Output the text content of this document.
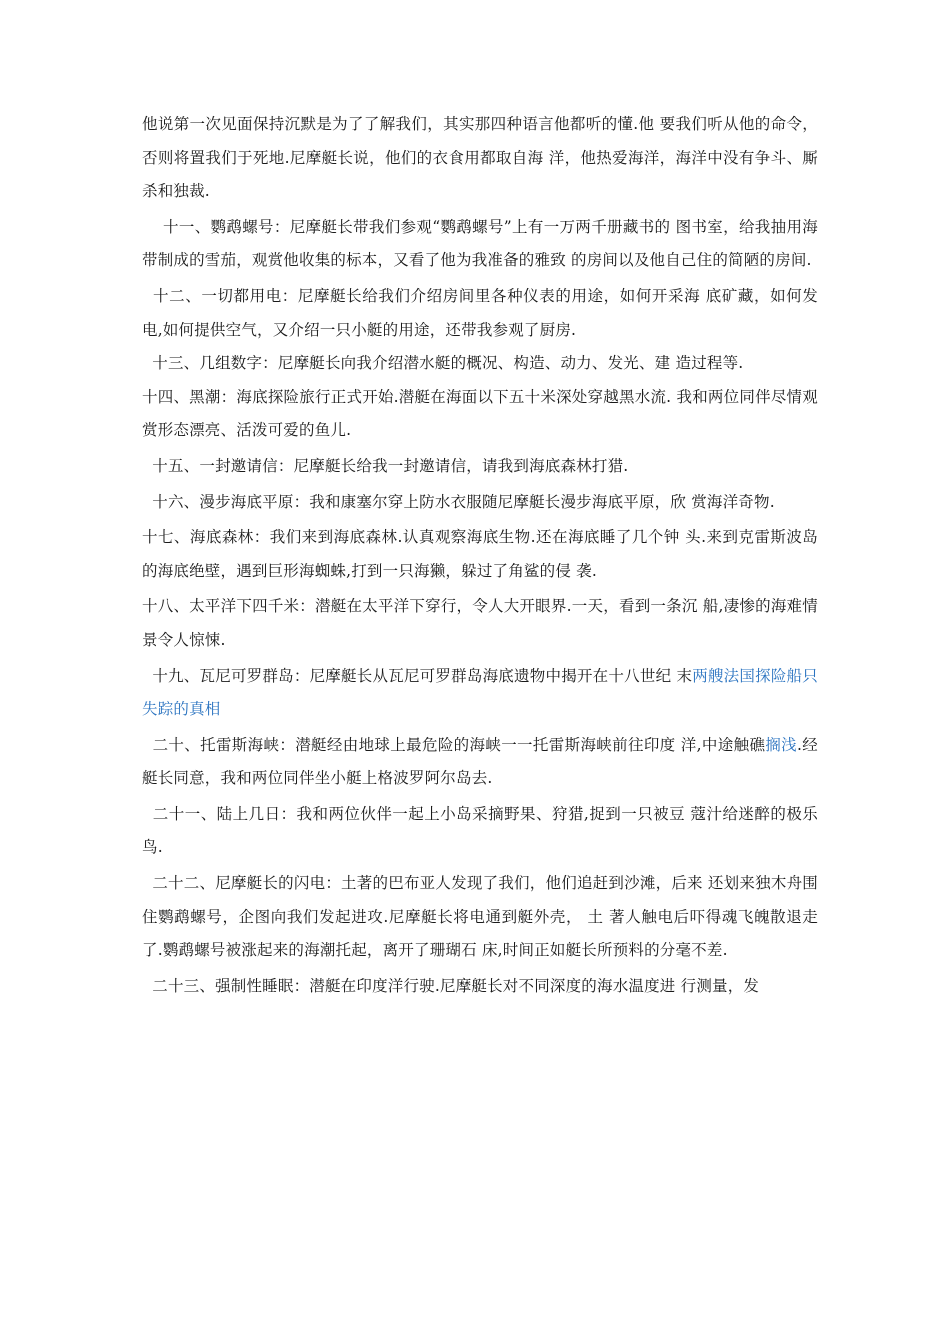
他说第一次见面保持沉默是为了了解我们，其实那四种语言他都听的懂.他 要我们听从他的命令，否则将置我们于死地.尼摩艇长说，他们的衣食用都取自海 洋，他热爱海洋，海洋中没有争斗、厮杀和独裁.

十一、鹦鹉螺号：尼摩艇长带我们参观“鹦鹉螺号”上有一万两千册藏书的 图书室，给我抽用海带制成的雪茄，观赏他收集的标本，又看了他为我准备的雅致 的房间以及他自己住的简陋的房间.

十二、一切都用电：尼摩艇长给我们介绍房间里各种仪表的用途，如何开采海 底矿藏，如何发电,如何提供空气，又介绍一只小艇的用途，还带我参观了厨房.

十三、几组数字：尼摩艇长向我介绍潜水艇的概况、构造、动力、发光、建 造过程等.

十四、黑潮：海底探险旅行正式开始.潜艇在海面以下五十米深处穿越黑水流. 我和两位同伴尽情观赏形态漂亮、活泼可爱的鱼儿.

十五、一封邀请信：尼摩艇长给我一封邀请信，请我到海底森林打猎.

十六、漫步海底平原：我和康塞尔穿上防水衣服随尼摩艇长漫步海底平原，欣 赏海洋奇物.

十七、海底森林：我们来到海底森林.认真观察海底生物.还在海底睡了几个钟 头.来到克雷斯波岛的海底绝壁，遇到巨形海蜘蛛,打到一只海獭，躲过了角鲨的侵 袭.

十八、太平洋下四千米：潜艇在太平洋下穿行，令人大开眼界.一天，看到一条沉 船,凄惨的海难情景令人惊悚.

十九、瓦尼可罗群岛：尼摩艇长从瓦尼可罗群岛海底遗物中揭开在十八世纪 末两艘法国探险船只失踪的真相

二十、托雷斯海峡：潜艇经由地球上最危险的海峡一一托雷斯海峡前往印度 洋,中途触礁搁浅.经艇长同意，我和两位同伴坐小艇上格波罗阿尔岛去.

二十一、陆上几日：我和两位伙伴一起上小岛采摘野果、狩猎,捉到一只被豆 蔻汁给迷醉的极乐鸟.

二十二、尼摩艇长的闪电：土著的巴布亚人发现了我们，他们追赶到沙滩，后来 还划来独木舟围住鹦鹉螺号，企图向我们发起进攻.尼摩艇长将电通到艇外壳， 土 著人触电后吓得魂飞魄散退走了.鹦鹉螺号被涨起来的海潮托起，离开了珊瑚石 床,时间正如艇长所预料的分毫不差.

二十三、强制性睡眠：潜艇在印度洋行驶.尼摩艇长对不同深度的海水温度进 行测量，发
